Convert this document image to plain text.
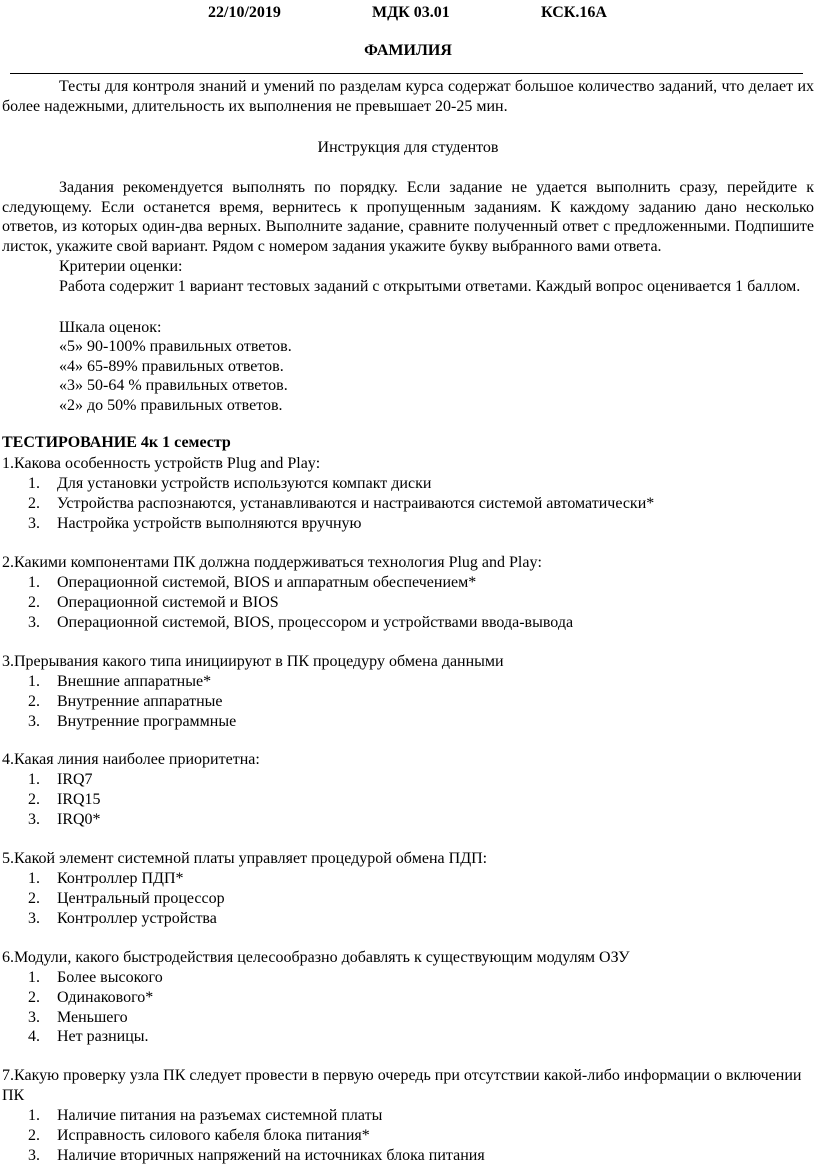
22/10/2019	МДК 03.01	КСК.16А
ФАМИЛИЯ
Тесты для контроля знаний и умений по разделам курса содержат большое количество заданий, что делает их более надежными, длительность их выполнения не превышает 20-25 мин.
Инструкция для студентов
Задания рекомендуется выполнять по порядку. Если задание не удается выполнить сразу, перейдите к следующему. Если останется время, вернитесь к пропущенным заданиям. К каждому заданию дано несколько ответов, из которых один-два верных. Выполните задание, сравните полученный ответ с предложенными. Подпишите листок, укажите свой вариант. Рядом с номером задания укажите букву выбранного вами ответа.
Критерии оценки:
Работа содержит 1 вариант тестовых заданий с открытыми ответами. Каждый вопрос оценивается 1 баллом.
Шкала оценок:
«5» 90-100% правильных ответов.
«4» 65-89% правильных ответов.
«3» 50-64 % правильных ответов.
«2» до 50% правильных ответов.
ТЕСТИРОВАНИЕ 4к 1 семестр
1.Какова особенность устройств Plug and Play:
1. Для установки устройств используются компакт диски
2. Устройства распознаются, устанавливаются и настраиваются системой автоматически*
3. Настройка устройств выполняются вручную
2.Какими компонентами ПК должна поддерживаться технология Plug and Play:
1. Операционной системой, BIOS и аппаратным обеспечением*
2. Операционной системой и BIOS
3. Операционной системой, BIOS, процессором и устройствами ввода-вывода
3.Прерывания какого типа инициируют в ПК процедуру обмена данными
1. Внешние аппаратные*
2. Внутренние аппаратные
3. Внутренние программные
4.Какая линия наиболее приоритетна:
1. IRQ7
2. IRQ15
3. IRQ0*
5.Какой элемент системной платы управляет процедурой обмена ПДП:
1. Контроллер ПДП*
2. Центральный процессор
3. Контроллер устройства
6.Модули, какого быстродействия целесообразно добавлять к существующим модулям ОЗУ
1. Более высокого
2. Одинакового*
3. Меньшего
4. Нет разницы.
7.Какую проверку узла ПК следует провести в первую очередь при отсутствии какой-либо информации о включении ПК
1. Наличие питания на разъемах системной платы
2. Исправность силового кабеля блока питания*
3. Наличие вторичных напряжений на источниках блока питания
